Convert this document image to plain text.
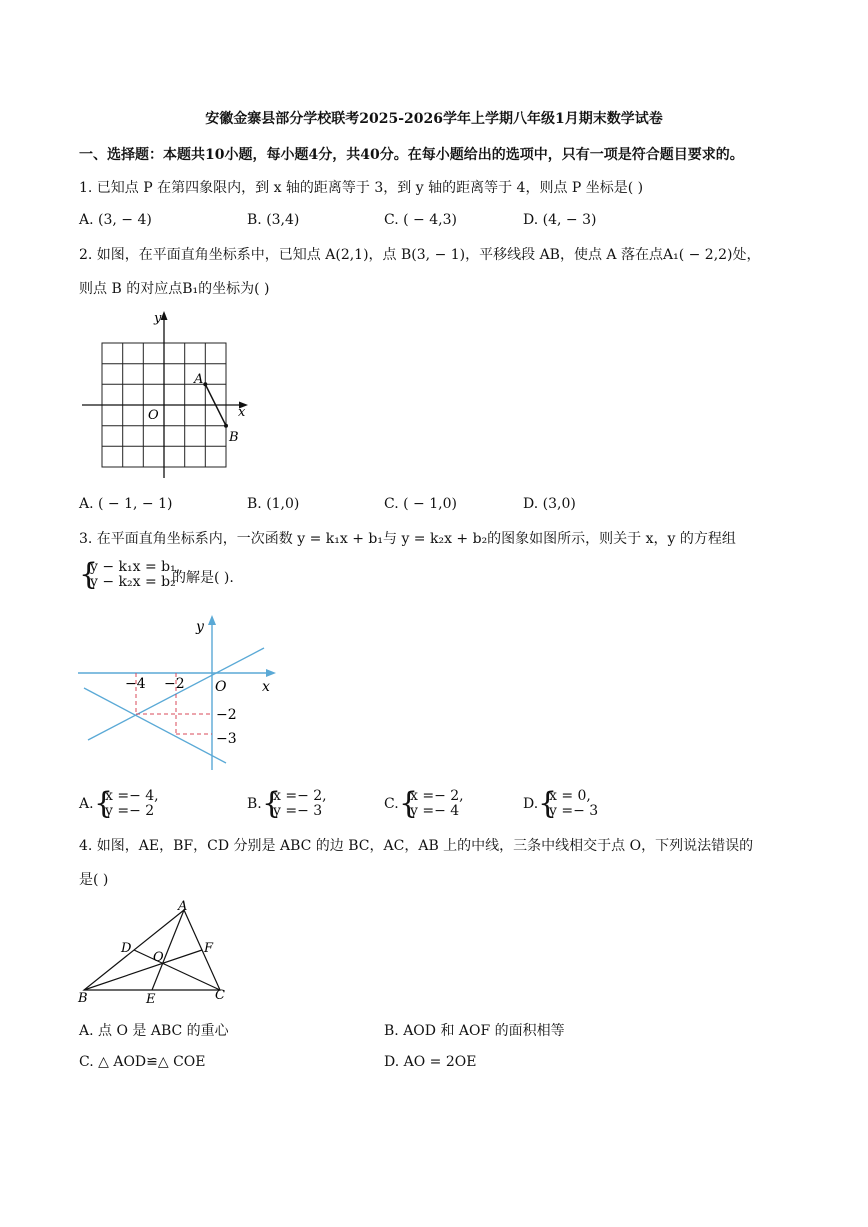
安徽金寨县部分学校联考2025-2026学年上学期八年级1月期末数学试卷
一、选择题：本题共10小题，每小题4分，共40分。在每小题给出的选项中，只有一项是符合题目要求的。
1. 已知点 P 在第四象限内，到 x 轴的距离等于 3，到 y 轴的距离等于 4，则点 P 坐标是( )
A. (3, − 4)	B. (3,4)	C. ( − 4,3)	D. (4, − 3)
2. 如图，在平面直角坐标系中，已知点 A(2,1)，点 B(3, − 1)，平移线段 AB，使点 A 落在点A₁( − 2,2)处，
则点 B 的对应点B₁的坐标为( )
y
x
O
A
B
A. ( − 1, − 1)	B. (1,0)	C. ( − 1,0)	D. (3,0)
3. 在平面直角坐标系内，一次函数 y = k₁x + b₁与 y = k₂x + b₂的图象如图所示，则关于 x，y 的方程组
{
y − k₁x = b₁,
y − k₂x = b₂
的解是( ).
y
x
O
−4 −2
−2
−3
A. {
x =− 4,
y =− 2	B. {
x =− 2,
y =− 3	C. {
x =− 2,
y =− 4	D. {
x = 0,
y =− 3
4. 如图，AE，BF，CD 分别是 ABC 的边 BC，AC，AB 上的中线，三条中线相交于点 O，下列说法错误的
是( )
A
B	C
D
E
F
O
A. 点 O 是 ABC 的重心	B. AOD 和 AOF 的面积相等
C. △ AOD≌△ COE	D. AO = 2OE
